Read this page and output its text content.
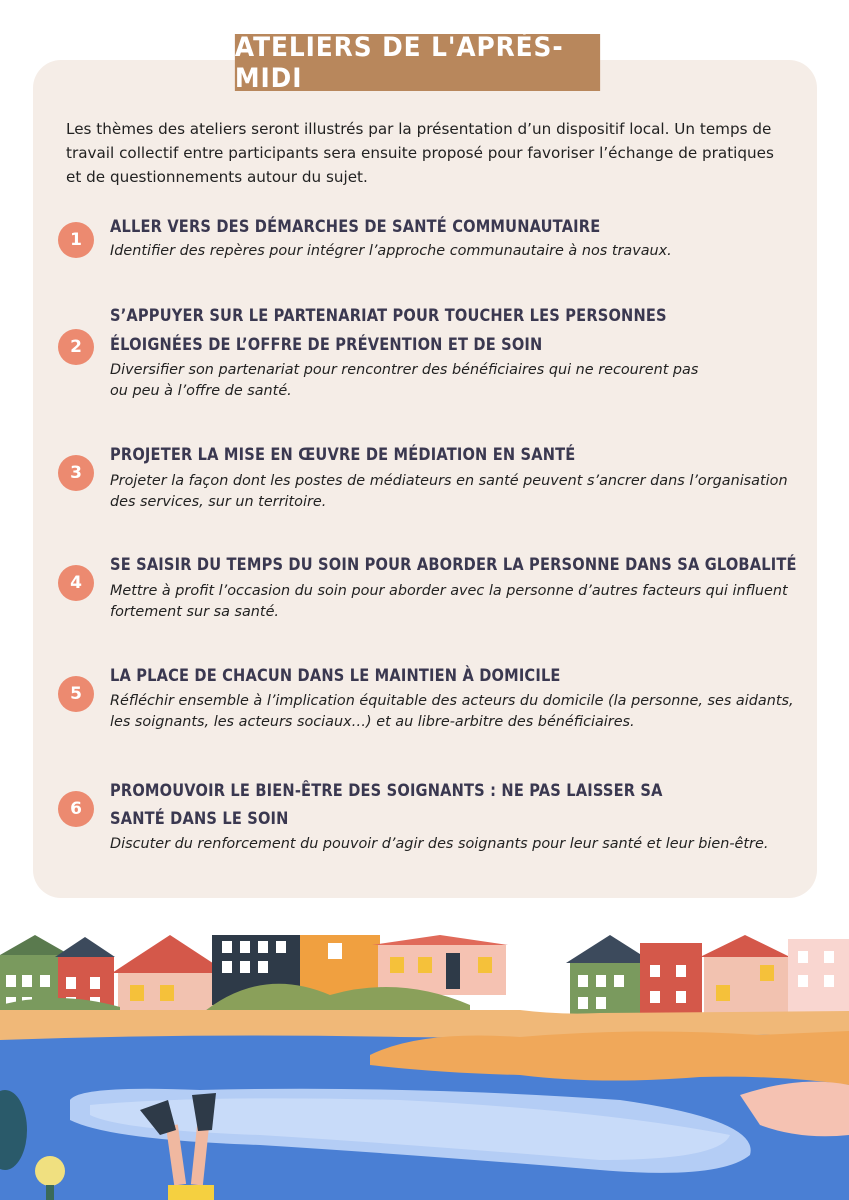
ATELIERS DE L'APRÈS-MIDI
Les thèmes des ateliers seront illustrés par la présentation d’un dispositif local. Un temps de travail collectif entre participants sera ensuite proposé pour favoriser l’échange de pratiques et de questionnements autour du sujet.
1
ALLER VERS DES DÉMARCHES DE SANTÉ COMMUNAUTAIRE
Identifier des repères pour intégrer l’approche communautaire à nos travaux.
2
S’APPUYER SUR LE PARTENARIAT POUR TOUCHER LES PERSONNES
ÉLOIGNÉES DE L’OFFRE DE PRÉVENTION ET DE SOIN
Diversifier son partenariat pour rencontrer des bénéficiaires qui ne recourent pas ou peu à l’offre de santé.
3
PROJETER LA MISE EN ŒUVRE DE MÉDIATION EN SANTÉ
Projeter la façon dont les postes de médiateurs en santé peuvent s’ancrer dans l’organisation des services, sur un territoire.
4
SE SAISIR DU TEMPS DU SOIN POUR ABORDER LA PERSONNE DANS SA GLOBALITÉ
Mettre à profit l’occasion du soin pour aborder avec la personne d’autres facteurs qui influent fortement sur sa santé.
5
LA PLACE DE CHACUN DANS LE MAINTIEN À DOMICILE
Réfléchir ensemble à l’implication équitable des acteurs du domicile (la personne, ses aidants, les soignants, les acteurs sociaux…) et au libre-arbitre des bénéficiaires.
6
PROMOUVOIR LE BIEN-ÊTRE DES SOIGNANTS : NE PAS LAISSER SA
SANTÉ DANS LE SOIN
Discuter du renforcement du pouvoir d’agir des soignants pour leur santé et leur bien-être.
